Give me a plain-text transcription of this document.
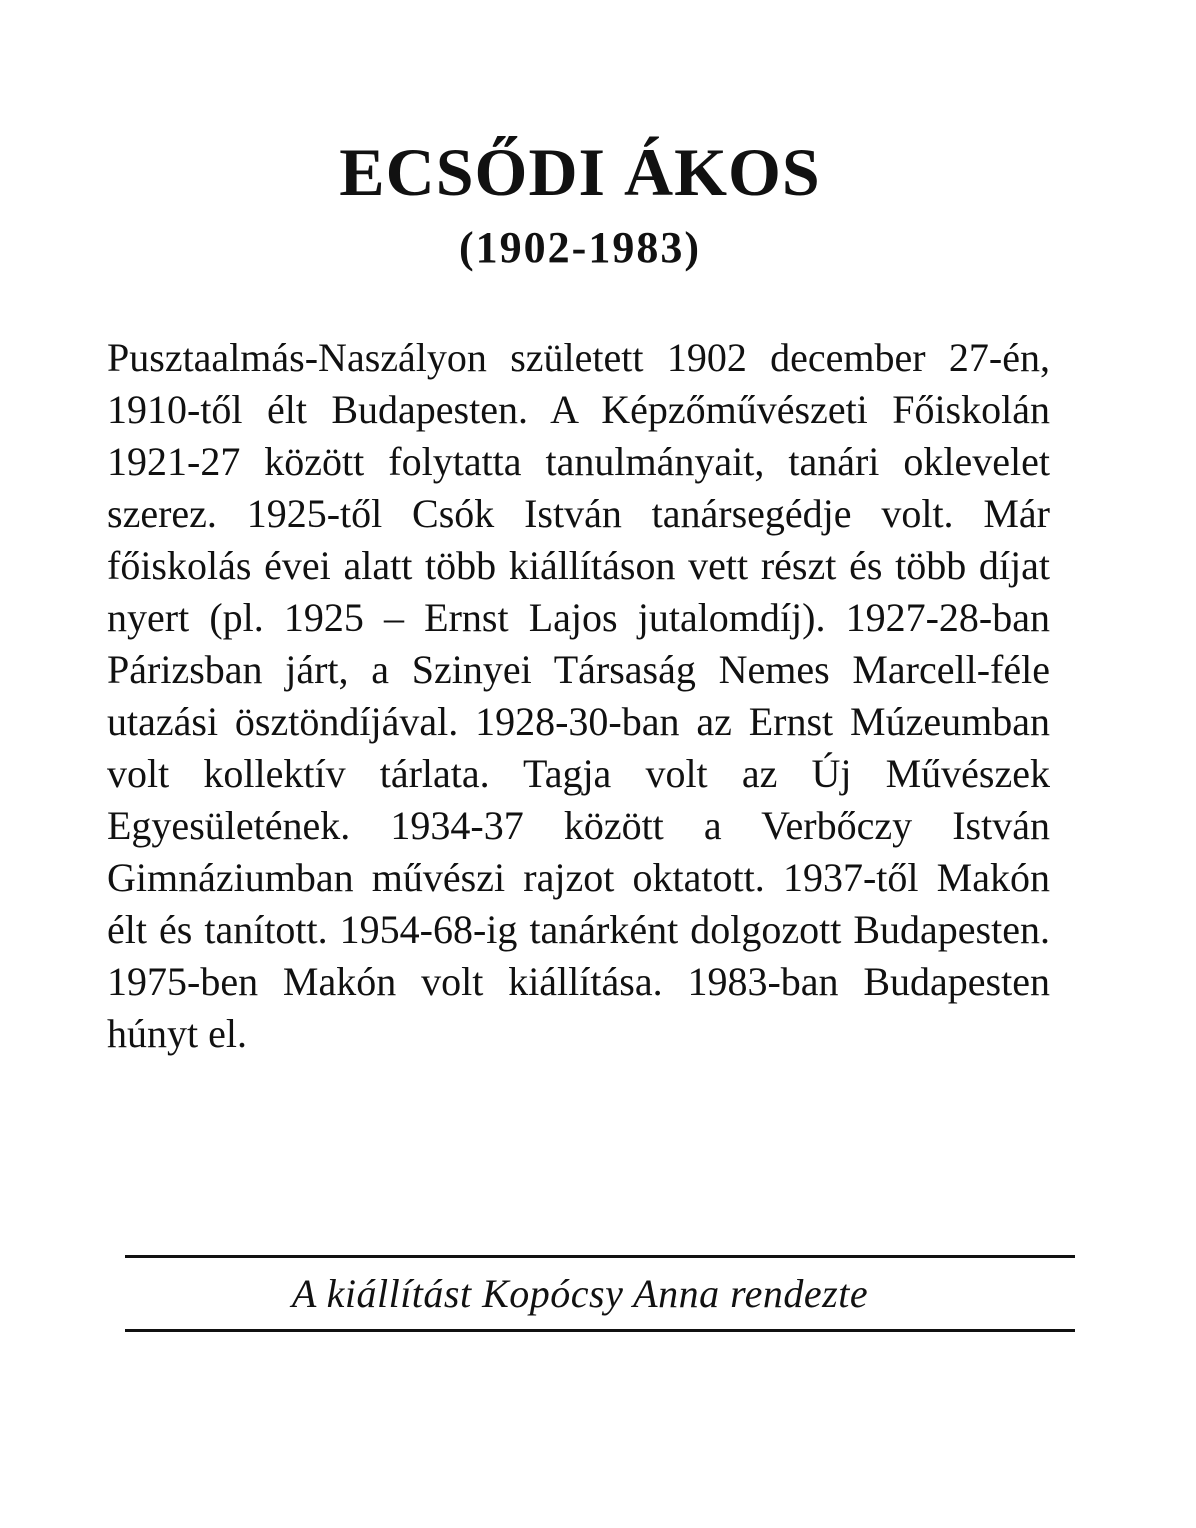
ECSŐDI ÁKOS
(1902-1983)

Pusztaalmás-Naszályon született 1902 december 27-én, 1910-től élt Budapesten. A Képzőművészeti Főiskolán 1921-27 között folytatta tanulmányait, tanári oklevelet szerez. 1925-től Csók István tanársegédje volt. Már főiskolás évei alatt több kiállításon vett részt és több díjat nyert (pl. 1925 – Ernst Lajos jutalomdíj). 1927-28-ban Párizsban járt, a Szinyei Társaság Nemes Marcell-féle utazási ösztöndíjával. 1928-30-ban az Ernst Múzeumban volt kollektív tárlata. Tagja volt az Új Művészek Egyesületének. 1934-37 között a Verbőczy István Gimnáziumban művészi rajzot oktatott. 1937-től Makón élt és tanított. 1954-68-ig tanárként dolgozott Budapesten. 1975-ben Makón volt kiállítása. 1983-ban Budapesten húnyt el.

A kiállítást Kopócsy Anna rendezte
